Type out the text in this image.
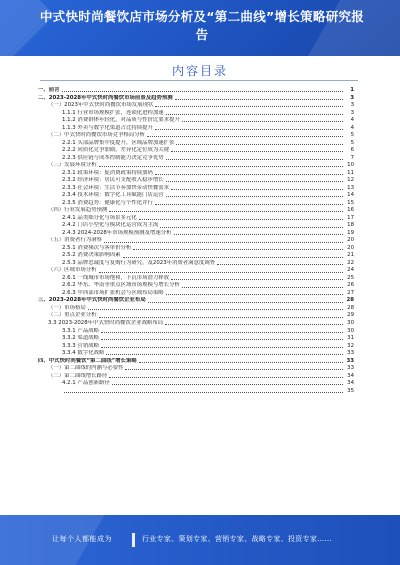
中式快时尚餐饮店市场分析及“第二曲线”增长策略研究报告
内容目录
一、前言	1
二、2023-2028年中式快时尚餐饮市场前景及趋势预测	3
（一）2023年中式快时尚餐饮市场发展现状	3
1.1.1 行业市场规模扩张，连锁化进程加速	3
1.1.2 消费群体年轻化，对品质与性价比要求提升	4
1.1.3 外卖与数字化渠道占比持续提升	4
（二）中式快时尚餐饮市场竞争格局分析	5
2.2.1 头部品牌集中度提升，区域品牌加速扩张	5
2.2.2 同质化竞争加剧，差异化定位成为关键	6
2.2.3 供应链与成本控制能力决定竞争优势	7
（三）发展环境分析	10
2.3.1 政策环境：促消费政策持续加码	11
2.3.2 经济环境：居民可支配收入稳步增长	12
2.3.3 社会环境：生活节奏加快带动快餐需求	13
2.3.4 技术环境：数字化工具赋能门店运营	14
2.3.5 消费趋势：健康化与个性化并行	15
（四）行业发展趋势预测	16
2.4.1 品类细分化与场景多元化	17
2.4.2 门店小型化与模块化运营成为主流	18
2.4.3 2024-2028年市场规模预测及增速分析	19
（五）消费者行为洞察	20
2.5.1 消费频次与客单价分析	20
2.5.2 消费决策影响因素	21
2.5.3 品牌忠诚度与复购行为研究，及2023年消费者满意度调查	22
（六）区域市场分析	24
2.6.1 一线城市市场饱和，下沉市场潜力释放	25
2.6.2 华东、华南等重点区域市场规模与增长分析	26
2.6.3 中西部市场扩张机会与区域布局策略	27
三、2023-2028年中式快时尚餐饮企业布局	28
（一）市场格局	28
（二）重点企业分析	29
3.3 2023-2028年中式快时尚餐饮企业战略布局	30
3.3.1 产品战略	30
3.3.2 渠道战略	31
3.3.3 营销战略	32
3.3.4 数字化战略	33
四、中式快时尚餐饮“第二曲线”增长策略	33
（一）第二曲线的内涵与必要性	33
（二）第二曲线增长路径	34
4.2.1 产品创新路径	34
35
让每个人都能成为	行业专家、策划专家、营销专家、战略专家、投资专家……
